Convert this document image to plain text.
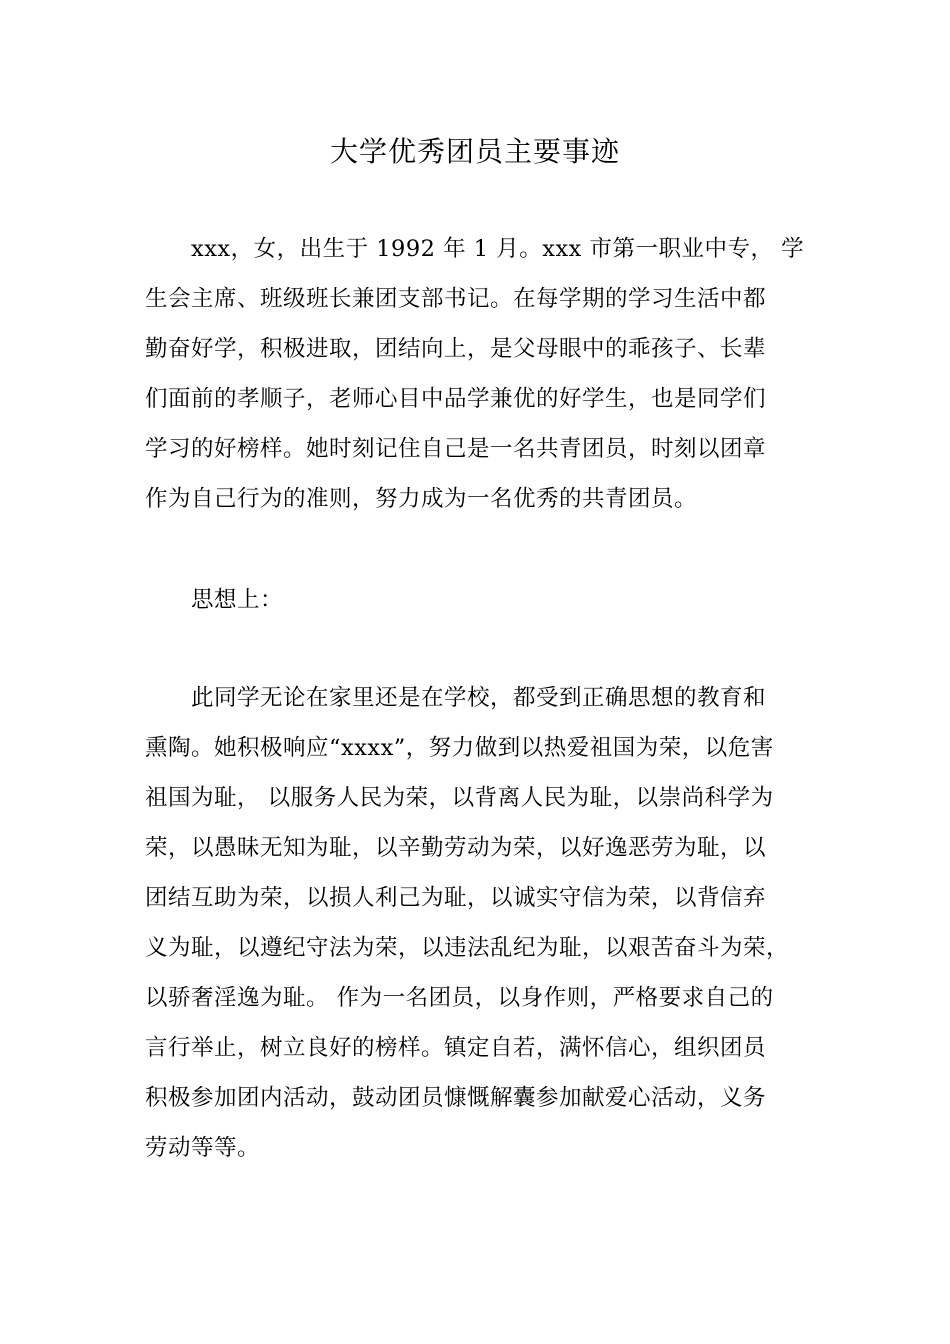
大学优秀团员主要事迹
xxx，女，出生于 1992 年 1 月。xxx 市第一职业中专， 学
生会主席、班级班长兼团支部书记。在每学期的学习生活中都
勤奋好学，积极进取，团结向上，是父母眼中的乖孩子、长辈
们面前的孝顺子，老师心目中品学兼优的好学生，也是同学们
学习的好榜样。她时刻记住自己是一名共青团员，时刻以团章
作为自己行为的准则，努力成为一名优秀的共青团员。
思想上：
此同学无论在家里还是在学校，都受到正确思想的教育和
熏陶。她积极响应“xxxx”，努力做到以热爱祖国为荣，以危害
祖国为耻， 以服务人民为荣，以背离人民为耻，以崇尚科学为
荣，以愚昧无知为耻，以辛勤劳动为荣，以好逸恶劳为耻，以
团结互助为荣，以损人利己为耻，以诚实守信为荣，以背信弃
义为耻，以遵纪守法为荣，以违法乱纪为耻，以艰苦奋斗为荣，
以骄奢淫逸为耻。 作为一名团员，以身作则，严格要求自己的
言行举止，树立良好的榜样。镇定自若，满怀信心，组织团员
积极参加团内活动，鼓动团员慷慨解囊参加献爱心活动，义务
劳动等等。
